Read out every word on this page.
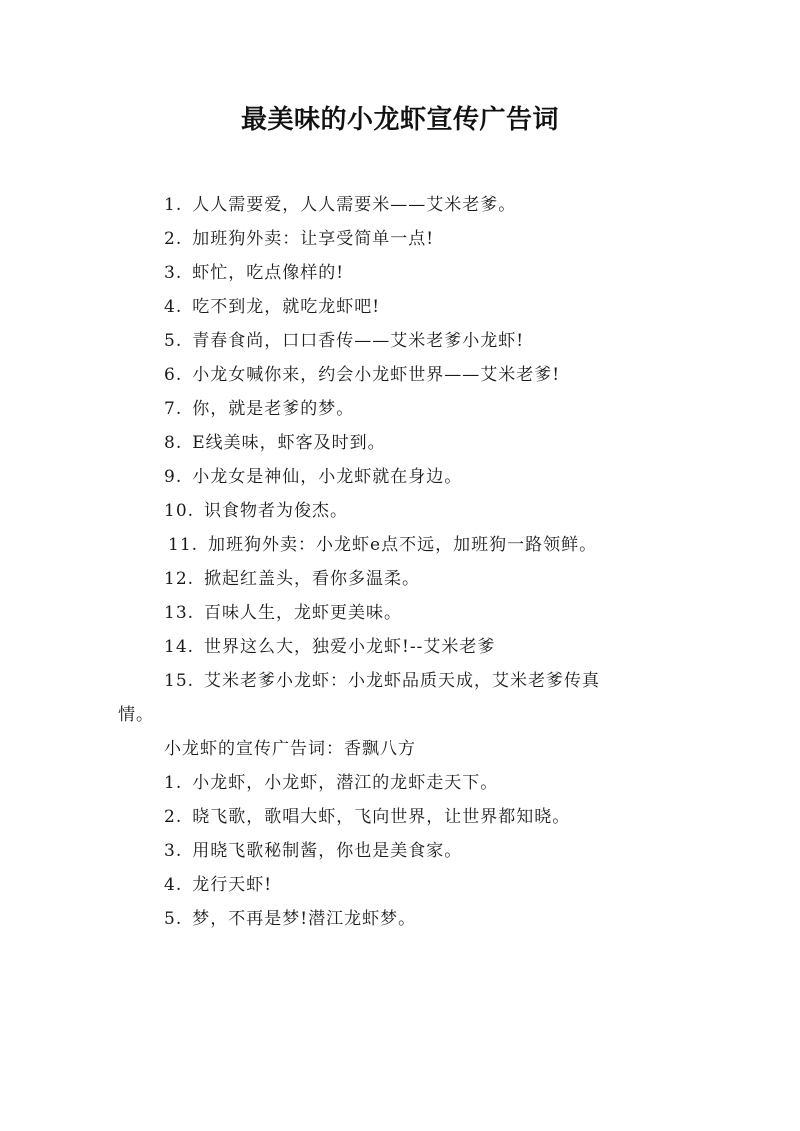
最美味的小龙虾宣传广告词
1. 人人需要爱，人人需要米——艾米老爹。
2. 加班狗外卖：让享受简单一点!
3. 虾忙，吃点像样的!
4. 吃不到龙，就吃龙虾吧!
5. 青春食尚，口口香传——艾米老爹小龙虾!
6. 小龙女喊你来，约会小龙虾世界——艾米老爹!
7. 你，就是老爹的梦。
8. E线美味，虾客及时到。
9. 小龙女是神仙，小龙虾就在身边。
10. 识食物者为俊杰。
11. 加班狗外卖：小龙虾e点不远，加班狗一路领鲜。
12. 掀起红盖头，看你多温柔。
13. 百味人生，龙虾更美味。
14. 世界这么大，独爱小龙虾!--艾米老爹
15. 艾米老爹小龙虾：小龙虾品质天成，艾米老爹传真
情。
小龙虾的宣传广告词：香飘八方
1. 小龙虾，小龙虾，潜江的龙虾走天下。
2. 晓飞歌，歌唱大虾，飞向世界，让世界都知晓。
3. 用晓飞歌秘制酱，你也是美食家。
4. 龙行天虾!
5. 梦，不再是梦!潜江龙虾梦。
